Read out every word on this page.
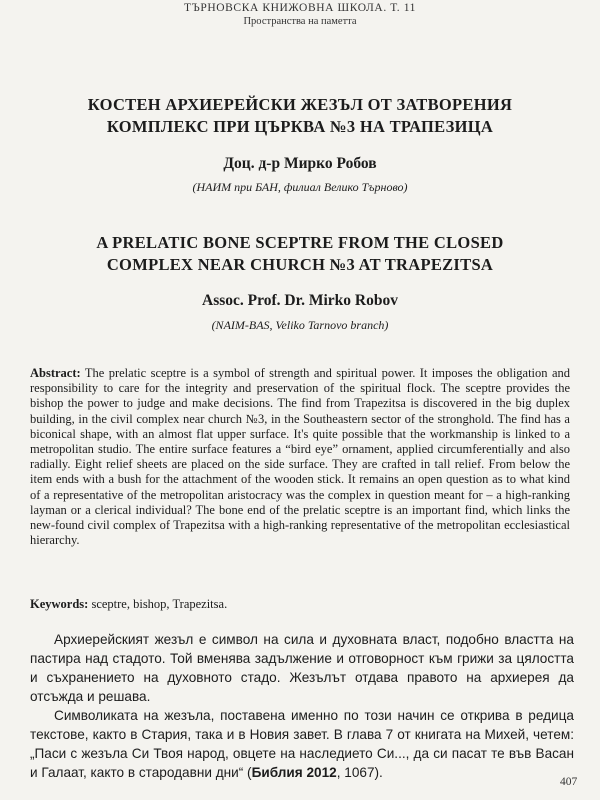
ТЪРНОВСКА КНИЖОВНА ШКОЛА. Т. 11
Пространства на паметта
КОСТЕН АРХИЕРЕЙСКИ ЖЕЗЪЛ ОТ ЗАТВОРЕНИЯ
КОМПЛЕКС ПРИ ЦЪРКВА №3 НА ТРАПЕЗИЦА
Доц. д-р Мирко Робов
(НАИМ при БАН, филиал Велико Търново)
A PRELATIC BONE SCEPTRE FROM THE CLOSED
COMPLEX NEAR CHURCH №3 AT TRAPEZITSA
Assoc. Prof. Dr. Mirko Robov
(NAIM-BAS, Veliko Tarnovo branch)
Abstract: The prelatic sceptre is a symbol of strength and spiritual power. It imposes the obligation and responsibility to care for the integrity and preservation of the spiritual flock. The sceptre provides the bishop the power to judge and make decisions. The find from Trapezitsa is discovered in the big duplex building, in the civil complex near church №3, in the Southeastern sector of the stronghold. The find has a biconical shape, with an almost flat upper surface. It's quite possible that the workmanship is linked to a metropolitan studio. The entire surface features a “bird eye” ornament, applied circumferentially and also radially. Eight relief sheets are placed on the side surface. They are crafted in tall relief. From below the item ends with a bush for the attachment of the wooden stick. It remains an open question as to what kind of a representative of the metropolitan aristocracy was the complex in question meant for – a high-ranking layman or a clerical individual? The bone end of the prelatic sceptre is an important find, which links the new-found civil complex of Trapezitsa with a high-ranking representative of the metropolitan ecclesiastical hierarchy.
Keywords: sceptre, bishop, Trapezitsa.

Архиерейският жезъл е символ на сила и духовната власт, подобно властта на пастира над стадото. Той вменява задължение и отговорност към грижи за цялостта и съхранението на духовното стадо. Жезълът отдава правото на архиерея да отсъжда и решава.

Символиката на жезъла, поставена именно по този начин се открива в редица текстове, както в Стария, така и в Новия завет. В глава 7 от книгата на Михей, четем: „Паси с жезъла Си Твоя народ, овцете на наследието Си..., да си пасат те във Васан и Галаат, както в стародавни дни“ (Библия 2012, 1067).

407
